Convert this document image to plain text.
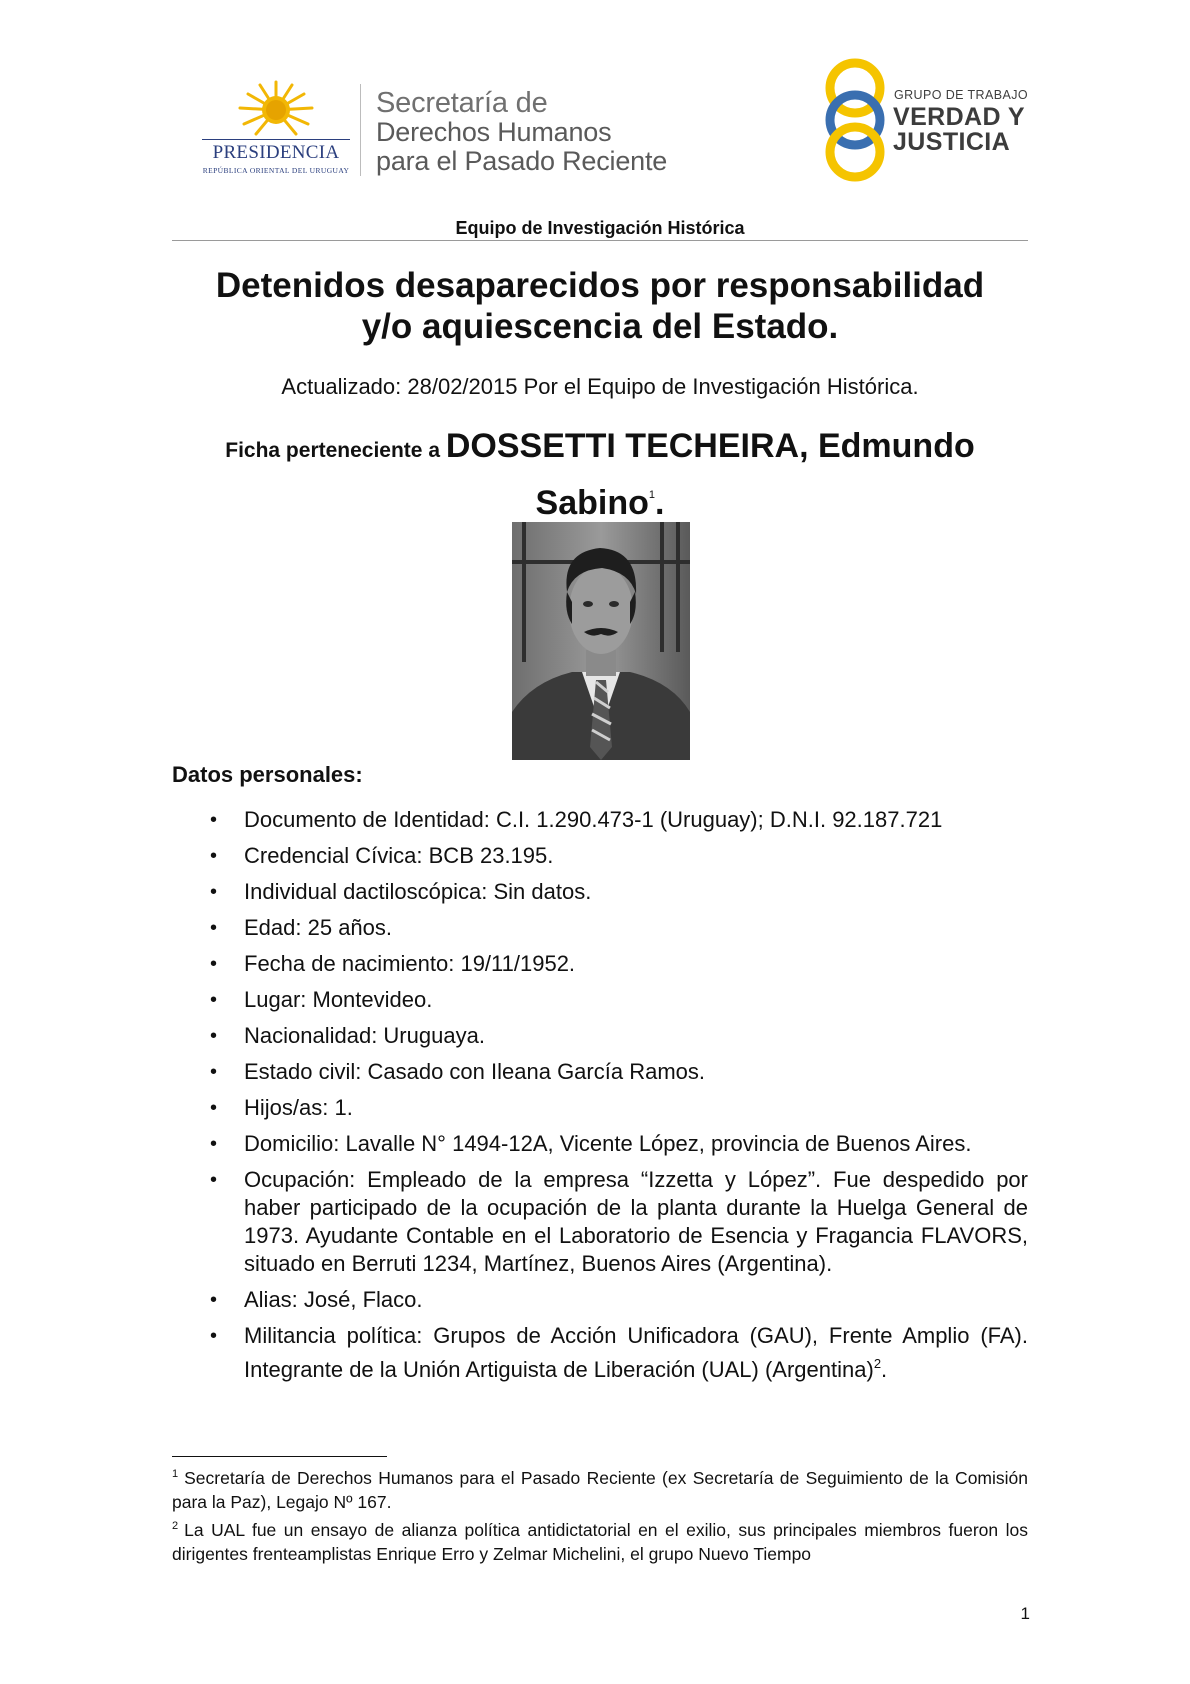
PRESIDENCIA
REPÚBLICA ORIENTAL DEL URUGUAY
Secretaría de
Derechos Humanos
para el Pasado Reciente
GRUPO DE TRABAJO
VERDAD Y
JUSTICIA
Equipo de Investigación Histórica
Detenidos desaparecidos por responsabilidad
y/o aquiescencia del Estado.
Actualizado: 28/02/2015 Por el Equipo de Investigación Histórica.
Ficha perteneciente a DOSSETTI TECHEIRA, Edmundo
Sabino$^1$.
Datos personales:
• Documento de Identidad: C.I. 1.290.473-1 (Uruguay); D.N.I. 92.187.721
• Credencial Cívica: BCB 23.195.
• Individual dactiloscópica: Sin datos.
• Edad: 25 años.
• Fecha de nacimiento: 19/11/1952.
• Lugar: Montevideo.
• Nacionalidad: Uruguaya.
• Estado civil: Casado con Ileana García Ramos.
• Hijos/as: 1.
• Domicilio: Lavalle N° 1494-12A, Vicente López, provincia de Buenos Aires.
• Ocupación: Empleado de la empresa “Izzetta y López”. Fue despedido por haber participado de la ocupación de la planta durante la Huelga General de 1973. Ayudante Contable en el Laboratorio de Esencia y Fragancia FLAVORS, situado en Berruti 1234, Martínez, Buenos Aires (Argentina).
• Alias: José, Flaco.
• Militancia política: Grupos de Acción Unificadora (GAU), Frente Amplio (FA). Integrante de la Unión Artiguista de Liberación (UAL) (Argentina)$^2$.

$^1$ Secretaría de Derechos Humanos para el Pasado Reciente (ex Secretaría de Seguimiento de la Comisión para la Paz), Legajo Nº 167.

$^2$ La UAL fue un ensayo de alianza política antidictatorial en el exilio, sus principales miembros fueron los dirigentes frenteamplistas Enrique Erro y Zelmar Michelini, el grupo Nuevo Tiempo

1
